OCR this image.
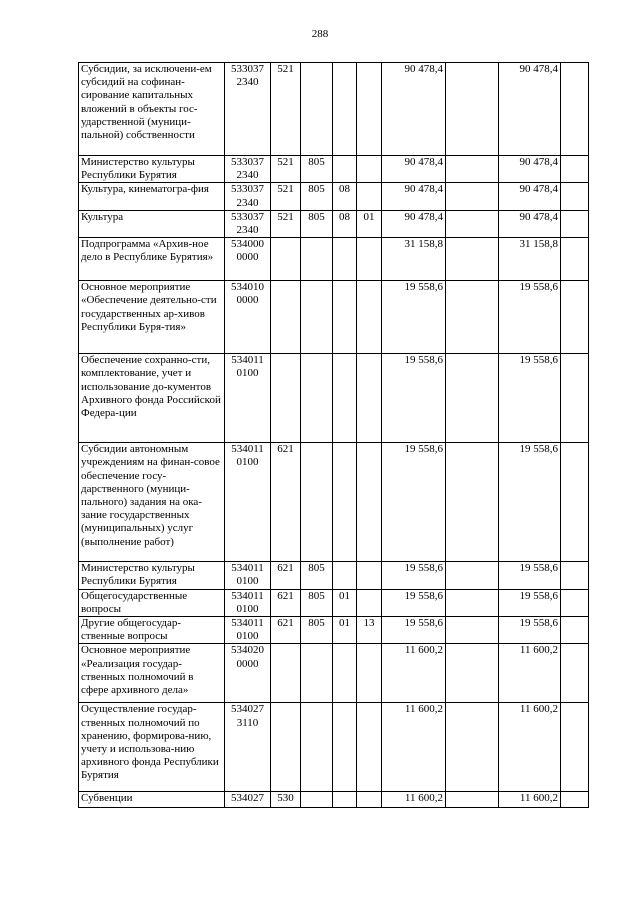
288
Субсидии, за исключени-ем субсидий на софинан-сирование капитальных вложений в объекты гос-ударственной (муници-пальной) собственности	533037 2340	521				90 478,4		90 478,4	
Министерство культуры Республики Бурятия	533037 2340	521	805			90 478,4		90 478,4	
Культура, кинематогра-фия	533037 2340	521	805	08		90 478,4		90 478,4	
Культура	533037 2340	521	805	08	01	90 478,4		90 478,4	
Подпрограмма «Архив-ное дело в Республике Бурятия»	534000 0000					31 158,8		31 158,8	
Основное мероприятие «Обеспечение деятельно-сти государственных ар-хивов Республики Буря-тия»	534010 0000					19 558,6		19 558,6	
Обеспечение сохранно-сти, комплектование, учет и использование до-кументов Архивного фонда Российской Федера-ции	534011 0100					19 558,6		19 558,6	
Субсидии автономным учреждениям на финан-совое обеспечение госу-дарственного (муници-пального) задания на ока-зание государственных (муниципальных) услуг (выполнение работ)	534011 0100	621				19 558,6		19 558,6	
Министерство культуры Республики Бурятия	534011 0100	621	805			19 558,6		19 558,6	
Общегосударственные вопросы	534011 0100	621	805	01		19 558,6		19 558,6	
Другие общегосудар-ственные вопросы	534011 0100	621	805	01	13	19 558,6		19 558,6	
Основное мероприятие «Реализация государ-ственных полномочий в сфере архивного дела»	534020 0000					11 600,2		11 600,2	
Осуществление государ-ственных полномочий по хранению, формирова-нию, учету и использова-нию архивного фонда Республики Бурятия	534027 3110					11 600,2		11 600,2	
Субвенции	534027	530				11 600,2		11 600,2	
